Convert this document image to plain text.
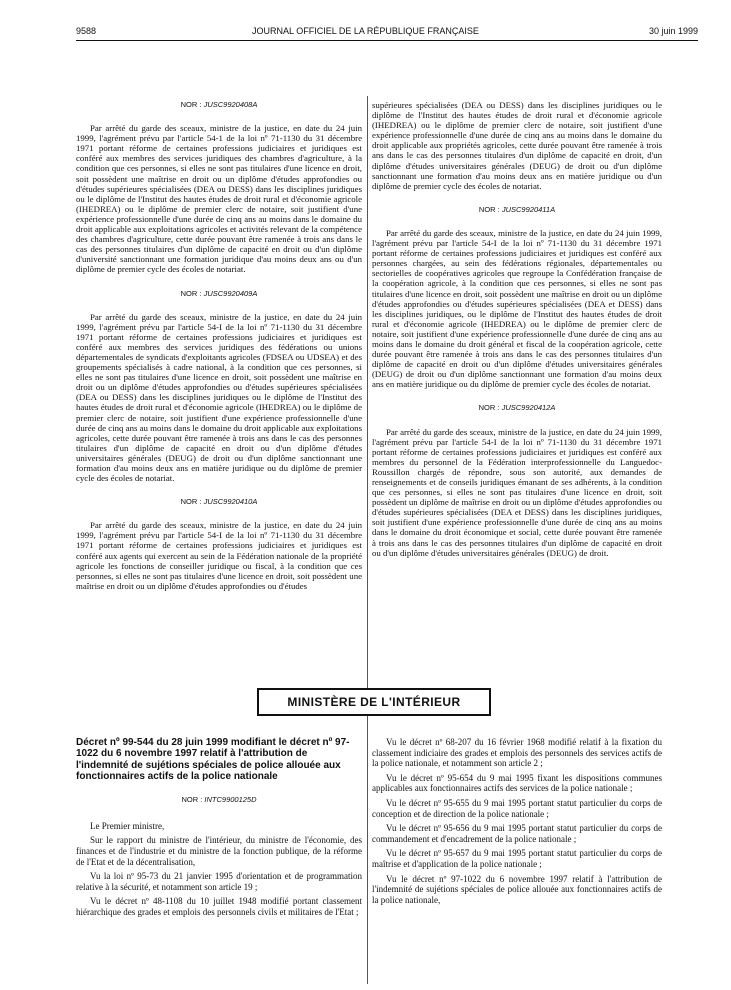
9588	JOURNAL OFFICIEL DE LA RÉPUBLIQUE FRANÇAISE	30 juin 1999
NOR : JUSC9920408A

Par arrêté du garde des sceaux, ministre de la justice, en date du 24 juin 1999, l'agrément prévu par l'article 54-1 de la loi nº 71-1130 du 31 décembre 1971 portant réforme de certaines professions judiciaires et juridiques est conféré aux membres des services juridiques des chambres d'agriculture, à la condition que ces personnes, si elles ne sont pas titulaires d'une licence en droit, soit possèdent une maîtrise en droit ou un diplôme d'études approfondies ou d'études supérieures spécialisées (DEA ou DESS) dans les disciplines juridiques ou le diplôme de l'Institut des hautes études de droit rural et d'économie agricole (IHEDREA) ou le diplôme de premier clerc de notaire, soit justifient d'une expérience professionnelle d'une durée de cinq ans au moins dans le domaine du droit applicable aux exploitations agricoles et activités relevant de la compétence des chambres d'agriculture, cette durée pouvant être ramenée à trois ans dans le cas des personnes titulaires d'un diplôme de capacité en droit ou d'un diplôme d'université sanctionnant une formation juridique d'au moins deux ans ou d'un diplôme de premier cycle des écoles de notariat.

NOR : JUSC9920409A

Par arrêté du garde des sceaux, ministre de la justice, en date du 24 juin 1999, l'agrément prévu par l'article 54-I de la loi nº 71-1130 du 31 décembre 1971 portant réforme de certaines professions judiciaires et juridiques est conféré aux membres des services juridiques des fédérations ou unions départementales de syndicats d'exploitants agricoles (FDSEA ou UDSEA) et des groupements spécialisés à cadre national, à la condition que ces personnes, si elles ne sont pas titulaires d'une licence en droit, soit possèdent une maîtrise en droit ou un diplôme d'études approfondies ou d'études supérieures spécialisées (DEA ou DESS) dans les disciplines juridiques ou le diplôme de l'Institut des hautes études de droit rural et d'économie agricole (IHEDREA) ou le diplôme de premier clerc de notaire, soit justifient d'une expérience professionnelle d'une durée de cinq ans au moins dans le domaine du droit applicable aux exploitations agricoles, cette durée pouvant être ramenée à trois ans dans le cas des personnes titulaires d'un diplôme de capacité en droit ou d'un diplôme d'études universitaires générales (DEUG) de droit ou d'un diplôme sanctionnant une formation d'au moins deux ans en matière juridique ou du diplôme de premier cycle des écoles de notariat.

NOR : JUSC9920410A

Par arrêté du garde des sceaux, ministre de la justice, en date du 24 juin 1999, l'agrément prévu par l'article 54-I de la loi nº 71-1130 du 31 décembre 1971 portant réforme de certaines professions judiciaires et juridiques est conféré aux agents qui exercent au sein de la Fédération nationale de la propriété agricole les fonctions de conseiller juridique ou fiscal, à la condition que ces personnes, si elles ne sont pas titulaires d'une licence en droit, soit possèdent une maîtrise en droit ou un diplôme d'études approfondies ou d'études

supérieures spécialisées (DEA ou DESS) dans les disciplines juridiques ou le diplôme de l'Institut des hautes études de droit rural et d'économie agricole (IHEDREA) ou le diplôme de premier clerc de notaire, soit justifient d'une expérience professionnelle d'une durée de cinq ans au moins dans le domaine du droit applicable aux propriétés agricoles, cette durée pouvant être ramenée à trois ans dans le cas des personnes titulaires d'un diplôme de capacité en droit, d'un diplôme d'études universitaires générales (DEUG) de droit ou d'un diplôme sanctionnant une formation d'au moins deux ans en matière juridique ou d'un diplôme de premier cycle des écoles de notariat.

NOR : JUSC9920411A

Par arrêté du garde des sceaux, ministre de la justice, en date du 24 juin 1999, l'agrément prévu par l'article 54-I de la loi nº 71-1130 du 31 décembre 1971 portant réforme de certaines professions judiciaires et juridiques est conféré aux personnes chargées, au sein des fédérations régionales, départementales ou sectorielles de coopératives agricoles que regroupe la Confédération française de la coopération agricole, à la condition que ces personnes, si elles ne sont pas titulaires d'une licence en droit, soit possèdent une maîtrise en droit ou un diplôme d'études approfondies ou d'études supérieures spécialisées (DEA et DESS) dans les disciplines juridiques, ou le diplôme de l'Institut des hautes études de droit rural et d'économie agricole (IHEDREA) ou le diplôme de premier clerc de notaire, soit justifient d'une expérience professionnelle d'une durée de cinq ans au moins dans le domaine du droit général et fiscal de la coopération agricole, cette durée pouvant être ramenée à trois ans dans le cas des personnes titulaires d'un diplôme de capacité en droit ou d'un diplôme d'études universitaires générales (DEUG) de droit ou d'un diplôme sanctionnant une formation d'au moins deux ans en matière juridique ou du diplôme de premier cycle des écoles de notariat.

NOR : JUSC9920412A

Par arrêté du garde des sceaux, ministre de la justice, en date du 24 juin 1999, l'agrément prévu par l'article 54-I de la loi nº 71-1130 du 31 décembre 1971 portant réforme de certaines professions judiciaires et juridiques est conféré aux membres du personnel de la Fédération interprofessionnelle du Languedoc-Roussillon chargés de répondre, sous son autorité, aux demandes de renseignements et de conseils juridiques émanant de ses adhérents, à la condition que ces personnes, si elles ne sont pas titulaires d'une licence en droit, soit possèdent un diplôme de maîtrise en droit ou un diplôme d'études approfondies ou d'études supérieures spécialisées (DEA et DESS) dans les disciplines juridiques, soit justifient d'une expérience professionnelle d'une durée de cinq ans au moins dans le domaine du droit économique et social, cette durée pouvant être ramenée à trois ans dans le cas des personnes titulaires d'un diplôme de capacité en droit ou d'un diplôme d'études universitaires générales (DEUG) de droit.

MINISTÈRE DE L'INTÉRIEUR
Décret nº 99-544 du 28 juin 1999 modifiant le décret nº 97-1022 du 6 novembre 1997 relatif à l'attribution de l'indemnité de sujétions spéciales de police allouée aux fonctionnaires actifs de la police nationale
NOR : INTC9900125D

Le Premier ministre,

Sur le rapport du ministre de l'intérieur, du ministre de l'économie, des finances et de l'industrie et du ministre de la fonction publique, de la réforme de l'Etat et de la décentralisation,

Vu la loi nº 95-73 du 21 janvier 1995 d'orientation et de programmation relative à la sécurité, et notamment son article 19 ;

Vu le décret nº 48-1108 du 10 juillet 1948 modifié portant classement hiérarchique des grades et emplois des personnels civils et militaires de l'Etat ;

Vu le décret nº 68-207 du 16 février 1968 modifié relatif à la fixation du classement indiciaire des grades et emplois des personnels des services actifs de la police nationale, et notamment son article 2 ;

Vu le décret nº 95-654 du 9 mai 1995 fixant les dispositions communes applicables aux fonctionnaires actifs des services de la police nationale ;

Vu le décret nº 95-655 du 9 mai 1995 portant statut particulier du corps de conception et de direction de la police nationale ;

Vu le décret nº 95-656 du 9 mai 1995 portant statut particulier du corps de commandement et d'encadrement de la police nationale ;

Vu le décret nº 95-657 du 9 mai 1995 portant statut particulier du corps de maîtrise et d'application de la police nationale ;

Vu le décret nº 97-1022 du 6 novembre 1997 relatif à l'attribution de l'indemnité de sujétions spéciales de police allouée aux fonctionnaires actifs de la police nationale,
